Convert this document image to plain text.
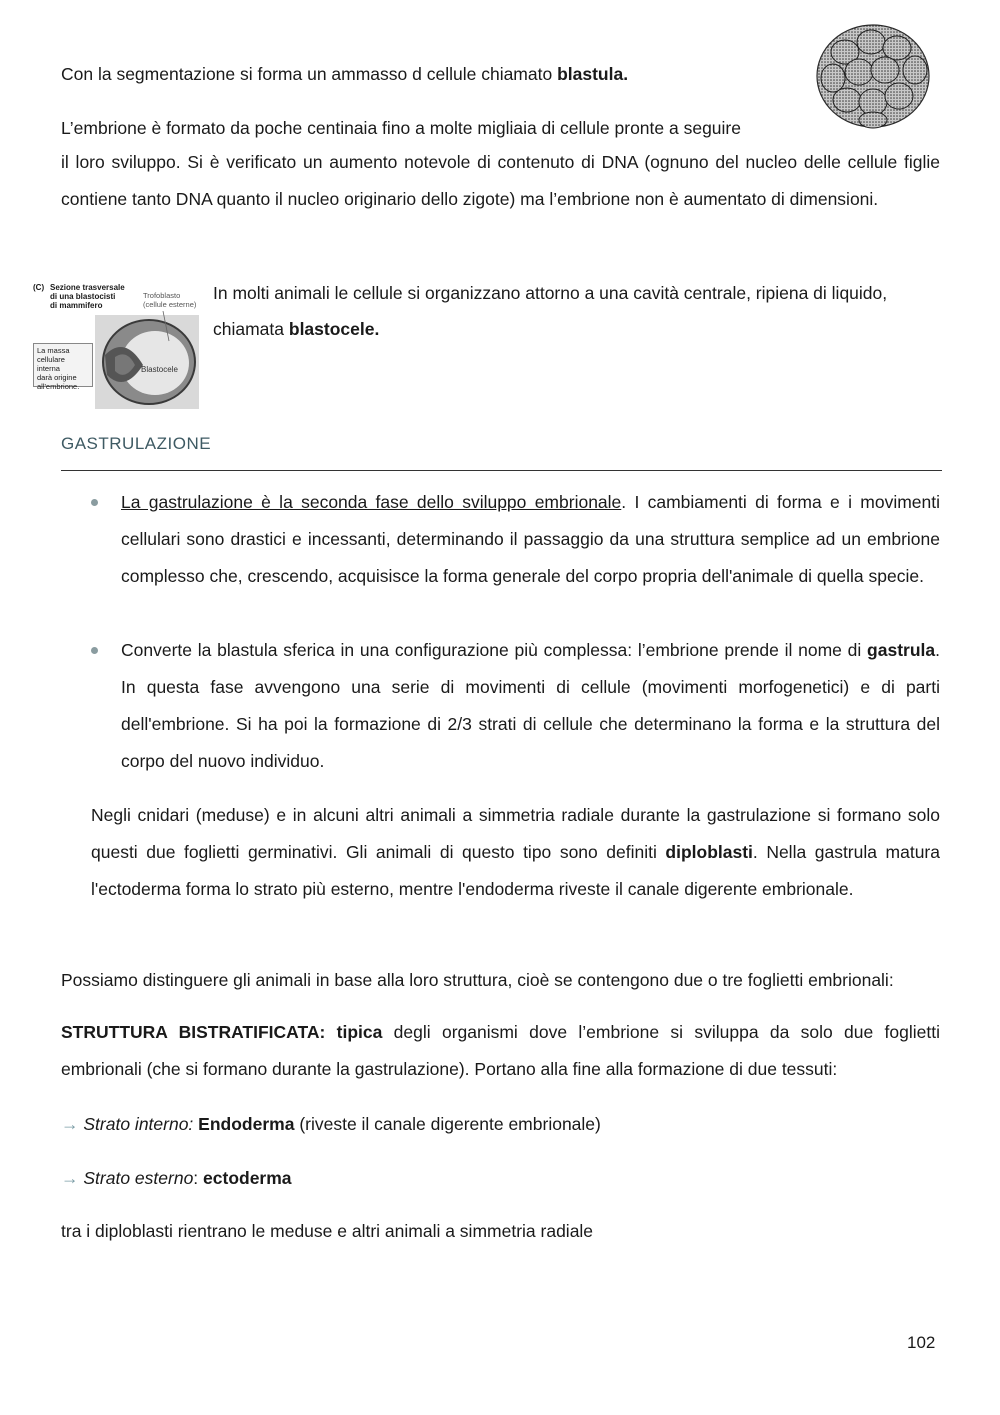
Con la segmentazione si forma un ammasso d cellule chiamato blastula.
L’embrione è formato da poche centinaia fino a molte migliaia di cellule pronte a seguire
il loro sviluppo. Si è verificato un aumento notevole di contenuto di DNA (ognuno del nucleo delle cellule figlie contiene tanto DNA quanto il nucleo originario dello zigote) ma l’embrione non è aumentato di dimensioni.
(C) Sezione trasversale
di una blastocisti
di mammifero
Trofoblasto
(cellule esterne)
La massa
cellulare interna
darà origine
all'embrione.
Blastocele
In molti animali le cellule si organizzano attorno a una cavità centrale, ripiena di liquido,
chiamata blastocele.
GASTRULAZIONE
La gastrulazione è la seconda fase dello sviluppo embrionale. I cambiamenti di forma e i movimenti cellulari sono drastici e incessanti, determinando il passaggio da una struttura semplice ad un embrione complesso che, crescendo, acquisisce la forma generale del corpo propria dell'animale di quella specie.
Converte la blastula sferica in una configurazione più complessa: l’embrione prende il nome di gastrula. In questa fase avvengono una serie di movimenti di cellule (movimenti morfogenetici) e di parti dell'embrione. Si ha poi la formazione di 2/3 strati di cellule che determinano la forma e la struttura del corpo del nuovo individuo.
Negli cnidari (meduse) e in alcuni altri animali a simmetria radiale durante la gastrulazione si formano solo questi due foglietti germinativi. Gli animali di questo tipo sono definiti diploblasti. Nella gastrula matura l'ectoderma forma lo strato più esterno, mentre l'endoderma riveste il canale digerente embrionale.
Possiamo distinguere gli animali in base alla loro struttura, cioè se contengono due o tre foglietti embrionali:
STRUTTURA BISTRATIFICATA: tipica degli organismi dove l’embrione si sviluppa da solo due foglietti embrionali (che si formano durante la gastrulazione). Portano alla fine alla formazione di due tessuti:
→ Strato interno: Endoderma (riveste il canale digerente embrionale)
→ Strato esterno: ectoderma
tra i diploblasti rientrano le meduse e altri animali a simmetria radiale
102
